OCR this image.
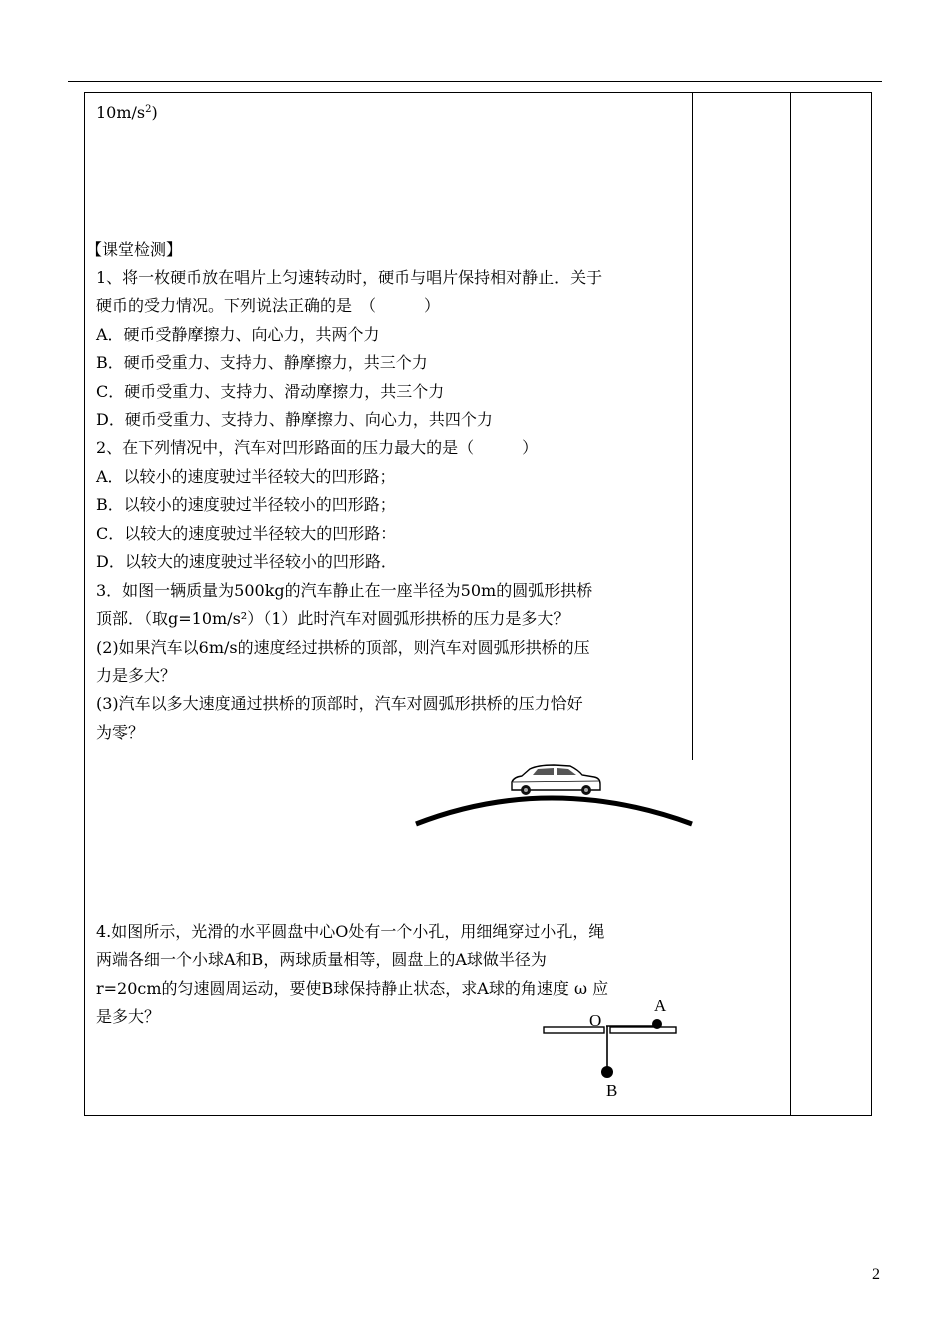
$10m/s^2$)
【课堂检测】
1、将一枚硬币放在唱片上匀速转动时，硬币与唱片保持相对静止．关于
硬币的受力情况。下列说法正确的是　（　　　）
A．硬币受静摩擦力、向心力，共两个力
B．硬币受重力、支持力、静摩擦力，共三个力
C．硬币受重力、支持力、滑动摩擦力，共三个力
D．硬币受重力、支持力、静摩擦力、向心力，共四个力
2、在下列情况中，汽车对凹形路面的压力最大的是（　　　）
A．以较小的速度驶过半径较大的凹形路；
B．以较小的速度驶过半径较小的凹形路；
C．以较大的速度驶过半径较大的凹形路：
D．以较大的速度驶过半径较小的凹形路．
3．如图一辆质量为500kg的汽车静止在一座半径为50m的圆弧形拱桥
顶部．（取g=10m/s²）（1）此时汽车对圆弧形拱桥的压力是多大？
(2)如果汽车以6m/s的速度经过拱桥的顶部，则汽车对圆弧形拱桥的压
力是多大？
(3)汽车以多大速度通过拱桥的顶部时，汽车对圆弧形拱桥的压力恰好
为零？
4.如图所示，光滑的水平圆盘中心O处有一个小孔，用细绳穿过小孔，绳
两端各细一个小球A和B，两球质量相等，圆盘上的A球做半径为
r=20cm的匀速圆周运动，要使B球保持静止状态，求A球的角速度 ω 应
是多大？	O
A
B
2
